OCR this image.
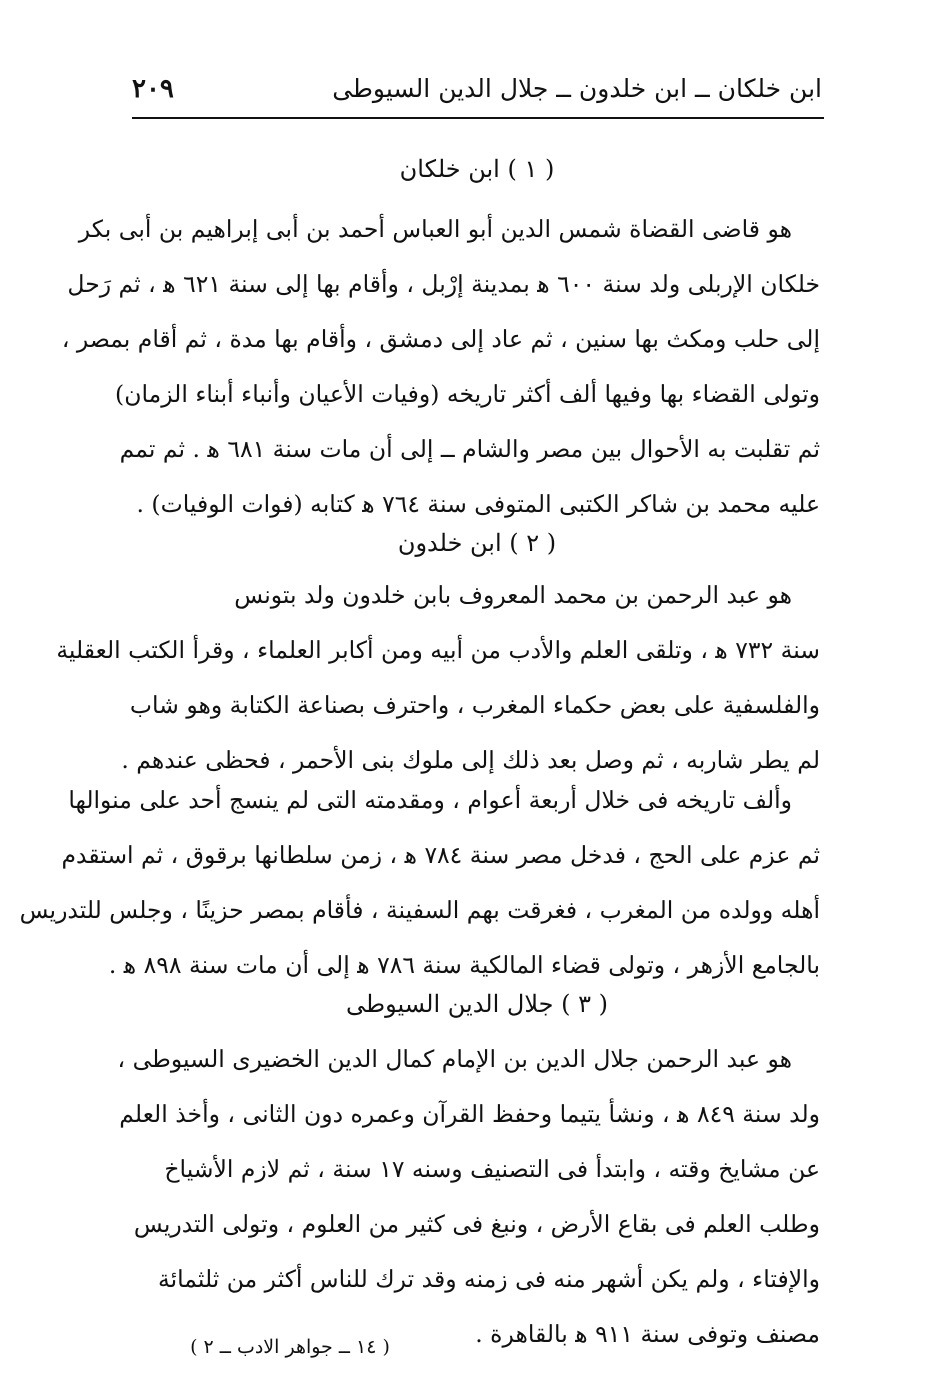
ابن خلكان ــ ابن خلدون ــ جلال الدين السيوطى
٢٠٩
( ١ ) ابن خلكان
هو قاضى القضاة شمس الدين أبو العباس أحمد بن أبى إبراهيم بن أبى بكر
خلكان الإربلى ولد سنة ٦٠٠ ﻫ بمدينة إرْبل ، وأقام بها إلى سنة ٦٢١ ﻫ ، ثم رَحل
إلى حلب ومكث بها سنين ، ثم عاد إلى دمشق ، وأقام بها مدة ، ثم أقام بمصر ،
وتولى القضاء بها وفيها ألف أكثر تاريخه (وفيات الأعيان وأنباء أبناء الزمان)
ثم تقلبت به الأحوال بين مصر والشام ــ إلى أن مات سنة ٦٨١ ﻫ . ثم تمم
عليه محمد بن شاكر الكتبى المتوفى سنة ٧٦٤ ﻫ كتابه (فوات الوفيات) .
( ٢ ) ابن خلدون
هو عبد الرحمن بن محمد المعروف بابن خلدون ولد بتونس
سنة ٧٣٢ ﻫ ، وتلقى العلم والأدب من أبيه ومن أكابر العلماء ، وقرأ الكتب العقلية
والفلسفية على بعض حكماء المغرب ، واحترف بصناعة الكتابة وهو شاب
لم يطر شاربه ، ثم وصل بعد ذلك إلى ملوك بنى الأحمر ، فحظى عندهم .
وألف تاريخه فى خلال أربعة أعوام ، ومقدمته التى لم ينسج أحد على منوالها
ثم عزم على الحج ، فدخل مصر سنة ٧٨٤ ﻫ ، زمن سلطانها برقوق ، ثم استقدم
أهله وولده من المغرب ، فغرقت بهم السفينة ، فأقام بمصر حزينًا ، وجلس للتدريس
بالجامع الأزهر ، وتولى قضاء المالكية سنة ٧٨٦ ﻫ إلى أن مات سنة ٨٩٨ ﻫ .
( ٣ ) جلال الدين السيوطى
هو عبد الرحمن جلال الدين بن الإمام كمال الدين الخضيرى السيوطى ،
ولد سنة ٨٤٩ ﻫ ، ونشأ يتيما وحفظ القرآن وعمره دون الثانى ، وأخذ العلم
عن مشايخ وقته ، وابتدأ فى التصنيف وسنه ١٧ سنة ، ثم لازم الأشياخ
وطلب العلم فى بقاع الأرض ، ونبغ فى كثير من العلوم ، وتولى التدريس
والإفتاء ، ولم يكن أشهر منه فى زمنه وقد ترك للناس أكثر من ثلثمائة
مصنف وتوفى سنة ٩١١ ﻫ بالقاهرة .
( ١٤ ــ جواهر الادب ــ ٢ )
